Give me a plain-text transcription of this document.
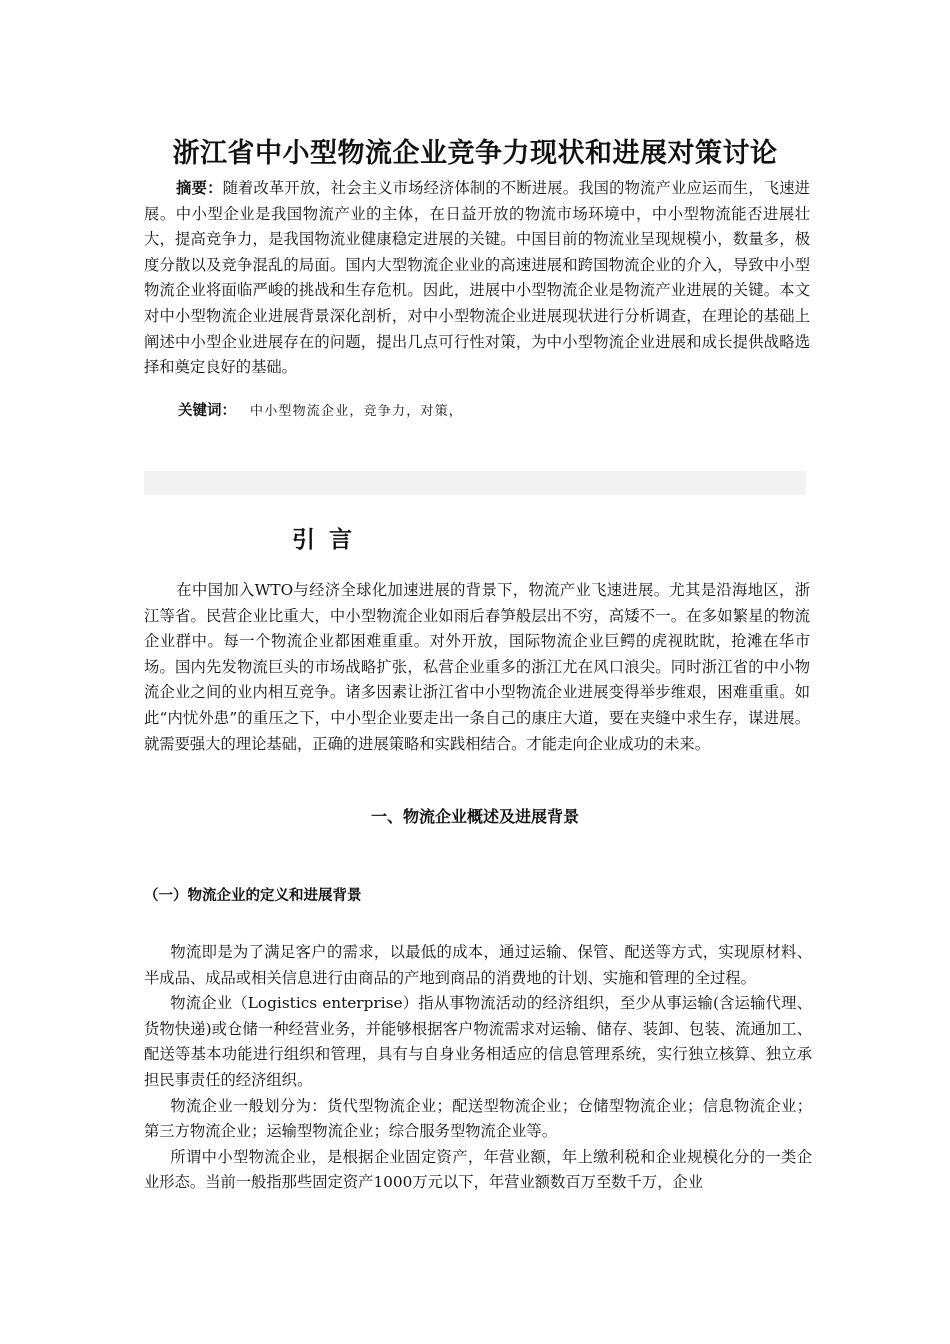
浙江省中小型物流企业竞争力现状和进展对策讨论

摘要：随着改革开放，社会主义市场经济体制的不断进展。我国的物流产业应运而生，飞速进展。中小型企业是我国物流产业的主体，在日益开放的物流市场环境中，中小型物流能否进展壮大，提高竞争力，是我国物流业健康稳定进展的关键。中国目前的物流业呈现规模小，数量多，极度分散以及竞争混乱的局面。国内大型物流企业业的高速进展和跨国物流企业的介入，导致中小型物流企业将面临严峻的挑战和生存危机。因此，进展中小型物流企业是物流产业进展的关键。本文对中小型物流企业进展背景深化剖析，对中小型物流企业进展现状进行分析调查，在理论的基础上阐述中小型企业进展存在的问题，提出几点可行性对策，为中小型物流企业进展和成长提供战略选择和奠定良好的基础。

关键词： 中小型物流企业，竞争力，对策，

引言

在中国加入WTO与经济全球化加速进展的背景下，物流产业飞速进展。尤其是沿海地区，浙江等省。民营企业比重大，中小型物流企业如雨后春笋般层出不穷，高矮不一。在多如繁星的物流企业群中。每一个物流企业都困难重重。对外开放，国际物流企业巨鳄的虎视眈眈，抢滩在华市场。国内先发物流巨头的市场战略扩张，私营企业重多的浙江尤在风口浪尖。同时浙江省的中小物流企业之间的业内相互竞争。诸多因素让浙江省中小型物流企业进展变得举步维艰，困难重重。如此“内忧外患”的重压之下，中小型企业要走出一条自己的康庄大道，要在夹缝中求生存，谋进展。就需要强大的理论基础，正确的进展策略和实践相结合。才能走向企业成功的未来。

一、物流企业概述及进展背景
（一）物流企业的定义和进展背景

物流即是为了满足客户的需求，以最低的成本，通过运输、保管、配送等方式，实现原材料、半成品、成品或相关信息进行由商品的产地到商品的消费地的计划、实施和管理的全过程。

物流企业（Logistics enterprise）指从事物流活动的经济组织，至少从事运输(含运输代理、货物快递)或仓储一种经营业务，并能够根据客户物流需求对运输、储存、装卸、包装、流通加工、配送等基本功能进行组织和管理，具有与自身业务相适应的信息管理系统，实行独立核算、独立承担民事责任的经济组织。

物流企业一般划分为：货代型物流企业；配送型物流企业；仓储型物流企业；信息物流企业；第三方物流企业；运输型物流企业；综合服务型物流企业等。

所谓中小型物流企业，是根据企业固定资产，年营业额，年上缴利税和企业规模化分的一类企业形态。当前一般指那些固定资产1000万元以下，年营业额数百万至数千万，企业
